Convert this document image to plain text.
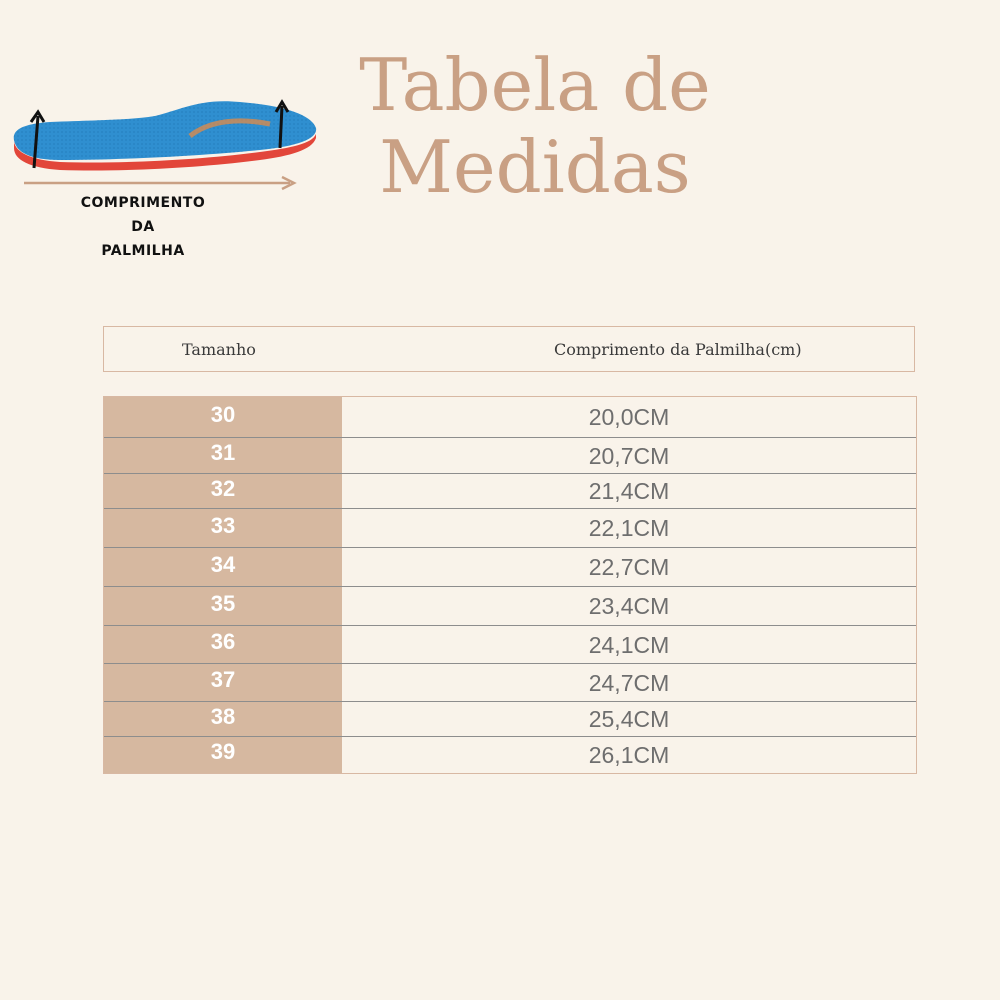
Tabela de
Medidas
COMPRIMENTO
DA
PALMILHA
Tamanho	Comprimento da Palmilha(cm)
30	20,0CM
31	20,7CM
32	21,4CM
33	22,1CM
34	22,7CM
35	23,4CM
36	24,1CM
37	24,7CM
38	25,4CM
39	26,1CM
